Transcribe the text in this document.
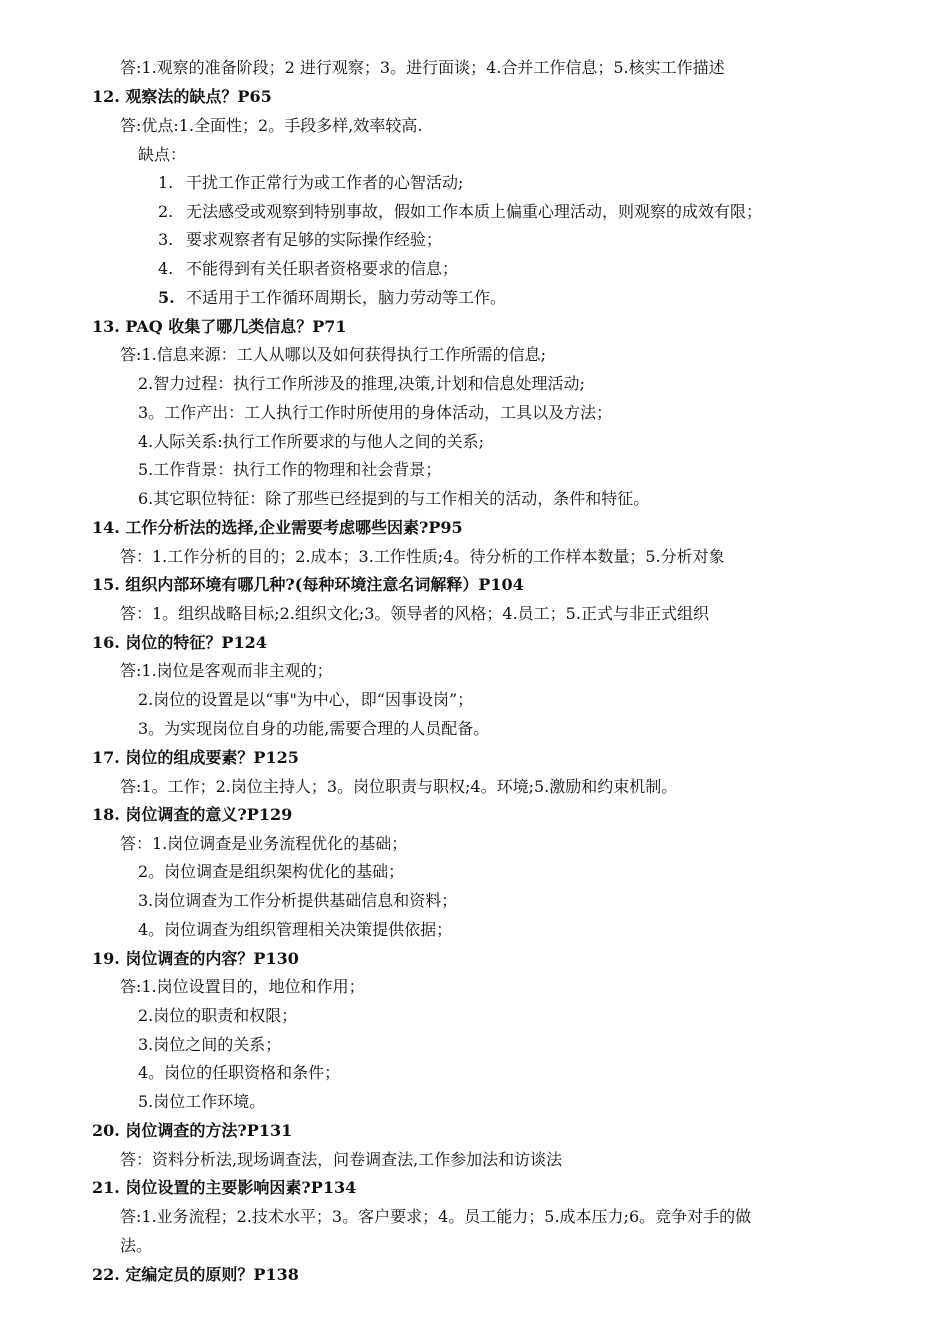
答:1.观察的准备阶段；2 进行观察；3。进行面谈；4.合并工作信息；5.核实工作描述
12. 观察法的缺点？P65
答:优点:1.全面性；2。手段多样,效率较高.
缺点：
1. 干扰工作正常行为或工作者的心智活动;
2. 无法感受或观察到特别事故，假如工作本质上偏重心理活动，则观察的成效有限；
3. 要求观察者有足够的实际操作经验；
4. 不能得到有关任职者资格要求的信息；
5. 不适用于工作循环周期长，脑力劳动等工作。
13. PAQ 收集了哪几类信息？P71
答:1.信息来源：工人从哪以及如何获得执行工作所需的信息;
2.智力过程：执行工作所涉及的推理,决策,计划和信息处理活动;
3。工作产出：工人执行工作时所使用的身体活动，工具以及方法；
4.人际关系:执行工作所要求的与他人之间的关系;
5.工作背景：执行工作的物理和社会背景；
6.其它职位特征：除了那些已经提到的与工作相关的活动，条件和特征。
14. 工作分析法的选择,企业需要考虑哪些因素?P95
答：1.工作分析的目的；2.成本；3.工作性质;4。待分析的工作样本数量；5.分析对象
15. 组织内部环境有哪几种?(每种环境注意名词解释）P104
答：1。组织战略目标;2.组织文化;3。领导者的风格；4.员工；5.正式与非正式组织
16. 岗位的特征？P124
答:1.岗位是客观而非主观的；
2.岗位的设置是以“事"为中心，即“因事设岗”；
3。为实现岗位自身的功能,需要合理的人员配备。
17. 岗位的组成要素？P125
答:1。工作；2.岗位主持人；3。岗位职责与职权;4。环境;5.激励和约束机制。
18. 岗位调查的意义?P129
答：1.岗位调查是业务流程优化的基础；
2。岗位调查是组织架构优化的基础；
3.岗位调查为工作分析提供基础信息和资料；
4。岗位调查为组织管理相关决策提供依据；
19. 岗位调查的内容？P130
答:1.岗位设置目的，地位和作用；
2.岗位的职责和权限；
3.岗位之间的关系；
4。岗位的任职资格和条件；
5.岗位工作环境。
20. 岗位调查的方法?P131
答：资料分析法,现场调查法，问卷调查法,工作参加法和访谈法
21. 岗位设置的主要影响因素?P134
答:1.业务流程；2.技术水平；3。客户要求；4。员工能力；5.成本压力;6。竞争对手的做
法。
22. 定编定员的原则？P138
